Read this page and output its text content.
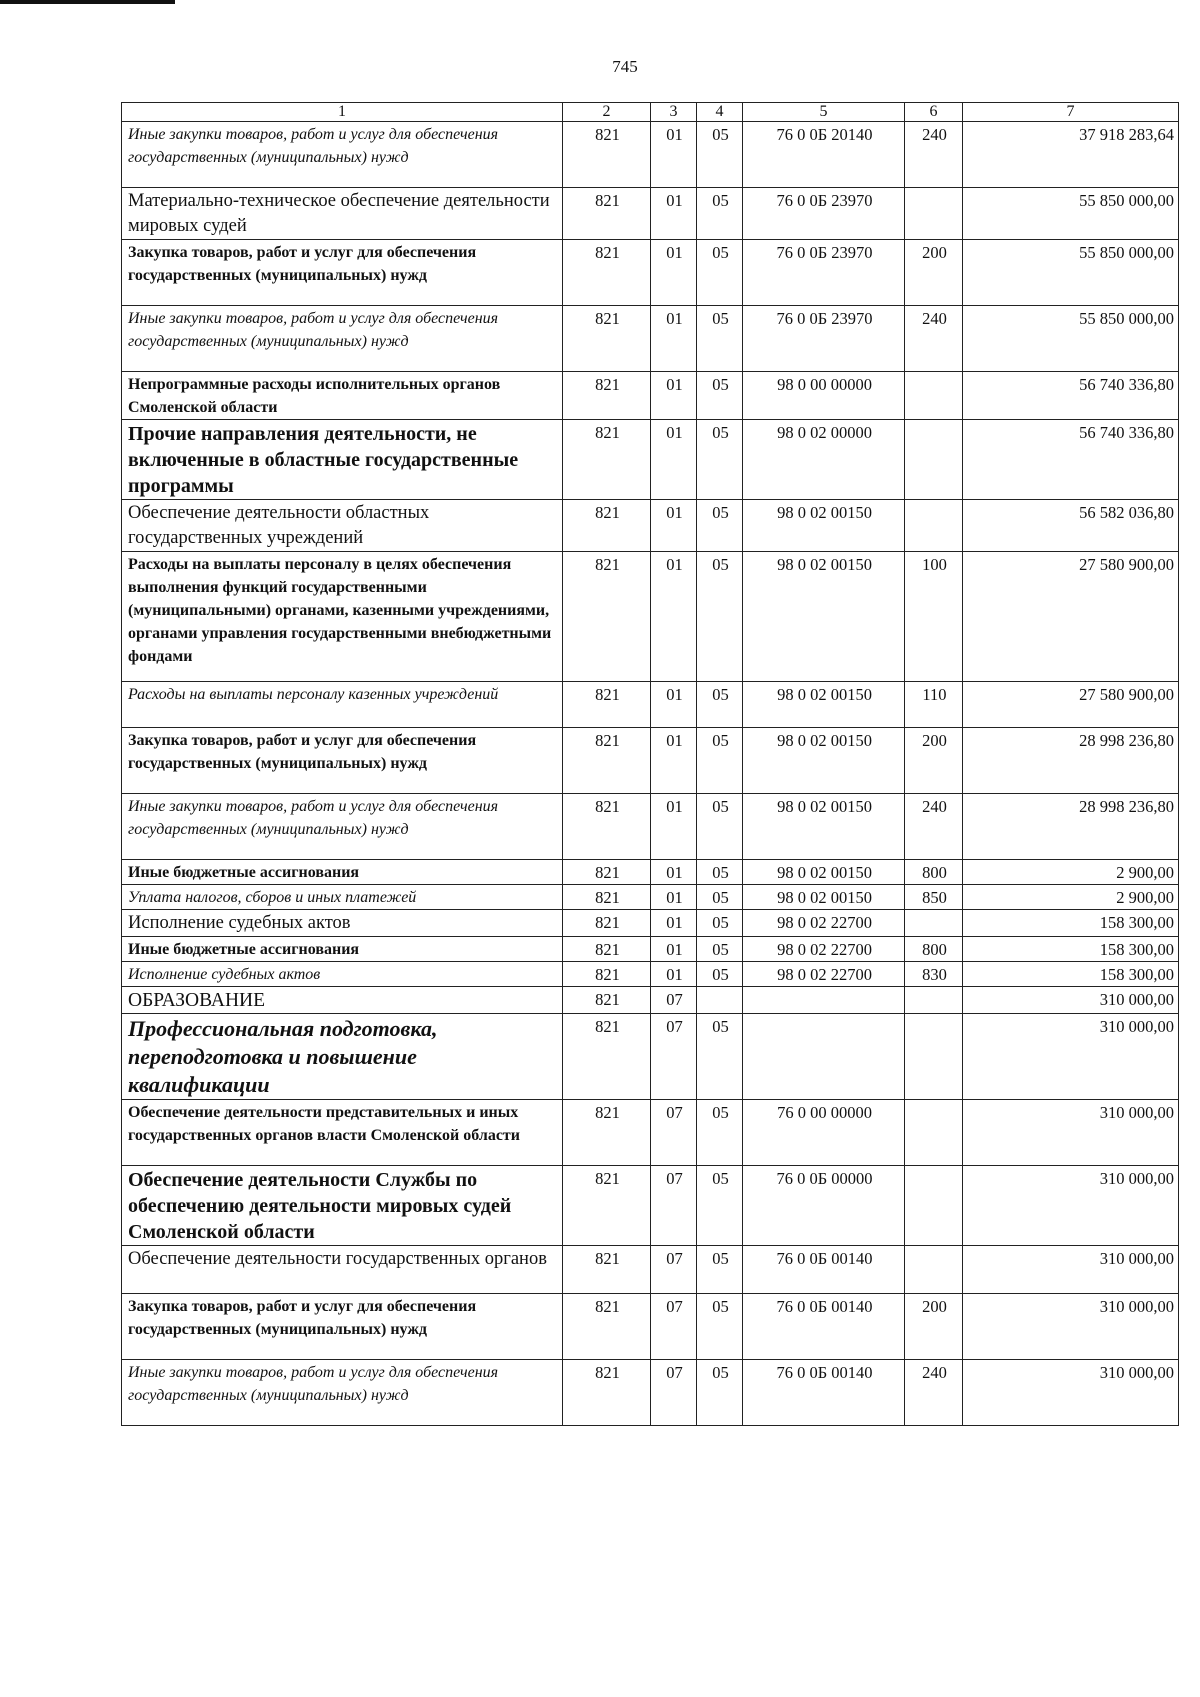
745
1	2	3	4	5	6	7
Иные закупки товаров, работ и услуг для обеспечения государственных (муниципальных) нужд	821	01	05	76 0 0Б 20140	240	37 918 283,64
Материально-техническое обеспечение деятельности мировых судей	821	01	05	76 0 0Б 23970		55 850 000,00
Закупка товаров, работ и услуг для обеспечения государственных (муниципальных) нужд	821	01	05	76 0 0Б 23970	200	55 850 000,00
Иные закупки товаров, работ и услуг для обеспечения государственных (муниципальных) нужд	821	01	05	76 0 0Б 23970	240	55 850 000,00
Непрограммные расходы исполнительных органов Смоленской области	821	01	05	98 0 00 00000		56 740 336,80
Прочие направления деятельности, не включенные в областные государственные программы	821	01	05	98 0 02 00000		56 740 336,80
Обеспечение деятельности областных государственных учреждений	821	01	05	98 0 02 00150		56 582 036,80
Расходы на выплаты персоналу в целях обеспечения выполнения функций государственными (муниципальными) органами, казенными учреждениями, органами управления государственными внебюджетными фондами	821	01	05	98 0 02 00150	100	27 580 900,00
Расходы на выплаты персоналу казенных учреждений	821	01	05	98 0 02 00150	110	27 580 900,00
Закупка товаров, работ и услуг для обеспечения государственных (муниципальных) нужд	821	01	05	98 0 02 00150	200	28 998 236,80
Иные закупки товаров, работ и услуг для обеспечения государственных (муниципальных) нужд	821	01	05	98 0 02 00150	240	28 998 236,80
Иные бюджетные ассигнования	821	01	05	98 0 02 00150	800	2 900,00
Уплата налогов, сборов и иных платежей	821	01	05	98 0 02 00150	850	2 900,00
Исполнение судебных актов	821	01	05	98 0 02 22700		158 300,00
Иные бюджетные ассигнования	821	01	05	98 0 02 22700	800	158 300,00
Исполнение судебных актов	821	01	05	98 0 02 22700	830	158 300,00
ОБРАЗОВАНИЕ	821	07				310 000,00
Профессиональная подготовка, переподготовка и повышение квалификации	821	07	05			310 000,00
Обеспечение деятельности представительных и иных государственных органов власти Смоленской области	821	07	05	76 0 00 00000		310 000,00
Обеспечение деятельности Службы по обеспечению деятельности мировых судей Смоленской области	821	07	05	76 0 0Б 00000		310 000,00
Обеспечение деятельности государственных органов	821	07	05	76 0 0Б 00140		310 000,00
Закупка товаров, работ и услуг для обеспечения государственных (муниципальных) нужд	821	07	05	76 0 0Б 00140	200	310 000,00
Иные закупки товаров, работ и услуг для обеспечения государственных (муниципальных) нужд	821	07	05	76 0 0Б 00140	240	310 000,00
